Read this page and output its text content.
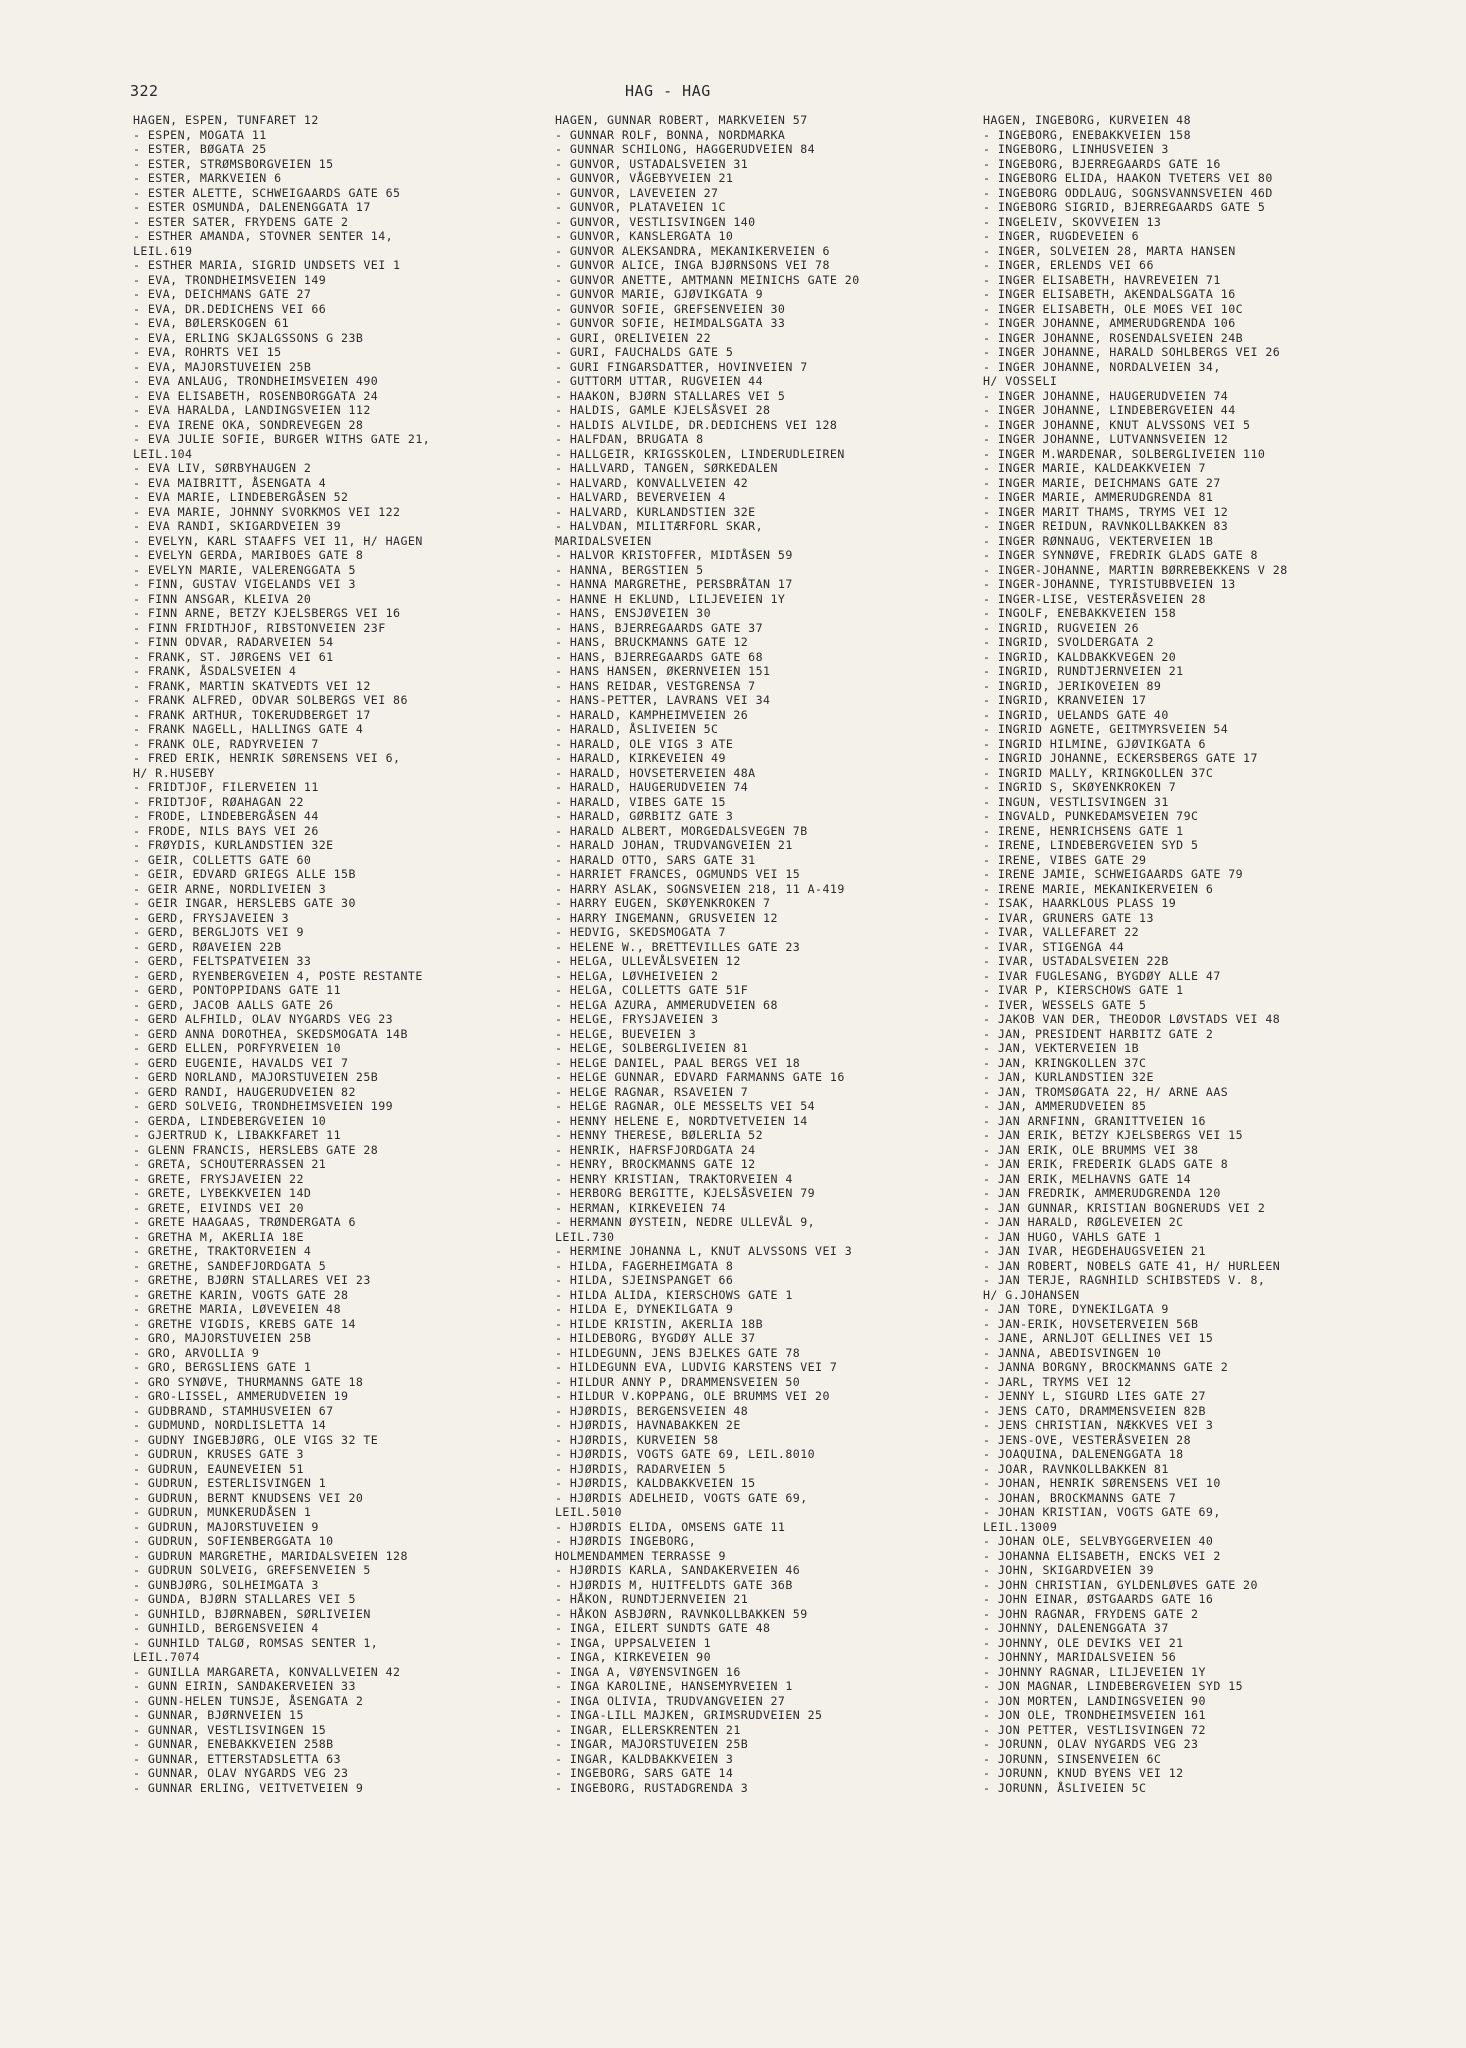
322	HAG - HAG
HAGEN, ESPEN, TUNFARET 12
- ESPEN, MOGATA 11
- ESTER, BØGATA 25
- ESTER, STRØMSBORGVEIEN 15
- ESTER, MARKVEIEN 6
- ESTER ALETTE, SCHWEIGAARDS GATE 65
- ESTER OSMUNDA, DALENENGGATA 17
- ESTER SATER, FRYDENS GATE 2
- ESTHER AMANDA, STOVNER SENTER 14,
LEIL.619
- ESTHER MARIA, SIGRID UNDSETS VEI 1
- EVA, TRONDHEIMSVEIEN 149
- EVA, DEICHMANS GATE 27
- EVA, DR.DEDICHENS VEI 66
- EVA, BØLERSKOGEN 61
- EVA, ERLING SKJALGSSONS G 23B
- EVA, ROHRTS VEI 15
- EVA, MAJORSTUVEIEN 25B
- EVA ANLAUG, TRONDHEIMSVEIEN 490
- EVA ELISABETH, ROSENBORGGATA 24
- EVA HARALDA, LANDINGSVEIEN 112
- EVA IRENE OKA, SONDREVEGEN 28
- EVA JULIE SOFIE, BURGER WITHS GATE 21,
LEIL.104
- EVA LIV, SØRBYHAUGEN 2
- EVA MAIBRITT, ÅSENGATA 4
- EVA MARIE, LINDEBERGÅSEN 52
- EVA MARIE, JOHNNY SVORKMOS VEI 122
- EVA RANDI, SKIGARDVEIEN 39
- EVELYN, KARL STAAFFS VEI 11, H/ HAGEN
- EVELYN GERDA, MARIBOES GATE 8
- EVELYN MARIE, VALERENGGATA 5
- FINN, GUSTAV VIGELANDS VEI 3
- FINN ANSGAR, KLEIVA 20
- FINN ARNE, BETZY KJELSBERGS VEI 16
- FINN FRIDTHJOF, RIBSTONVEIEN 23F
- FINN ODVAR, RADARVEIEN 54
- FRANK, ST. JØRGENS VEI 61
- FRANK, ÅSDALSVEIEN 4
- FRANK, MARTIN SKATVEDTS VEI 12
- FRANK ALFRED, ODVAR SOLBERGS VEI 86
- FRANK ARTHUR, TOKERUDBERGET 17
- FRANK NAGELL, HALLINGS GATE 4
- FRANK OLE, RADYRVEIEN 7
- FRED ERIK, HENRIK SØRENSENS VEI 6,
H/ R.HUSEBY
- FRIDTJOF, FILERVEIEN 11
- FRIDTJOF, RØAHAGAN 22
- FRODE, LINDEBERGÅSEN 44
- FRODE, NILS BAYS VEI 26
- FRØYDIS, KURLANDSTIEN 32E
- GEIR, COLLETTS GATE 60
- GEIR, EDVARD GRIEGS ALLE 15B
- GEIR ARNE, NORDLIVEIEN 3
- GEIR INGAR, HERSLEBS GATE 30
- GERD, FRYSJAVEIEN 3
- GERD, BERGLJOTS VEI 9
- GERD, RØAVEIEN 22B
- GERD, FELTSPATVEIEN 33
- GERD, RYENBERGVEIEN 4, POSTE RESTANTE
- GERD, PONTOPPIDANS GATE 11
- GERD, JACOB AALLS GATE 26
- GERD ALFHILD, OLAV NYGARDS VEG 23
- GERD ANNA DOROTHEA, SKEDSMOGATA 14B
- GERD ELLEN, PORFYRVEIEN 10
- GERD EUGENIE, HAVALDS VEI 7
- GERD NORLAND, MAJORSTUVEIEN 25B
- GERD RANDI, HAUGERUDVEIEN 82
- GERD SOLVEIG, TRONDHEIMSVEIEN 199
- GERDA, LINDEBERGVEIEN 10
- GJERTRUD K, LIBAKKFARET 11
- GLENN FRANCIS, HERSLEBS GATE 28
- GRETA, SCHOUTERRASSEN 21
- GRETE, FRYSJAVEIEN 22
- GRETE, LYBEKKVEIEN 14D
- GRETE, EIVINDS VEI 20
- GRETE HAAGAAS, TRØNDERGATA 6
- GRETHA M, AKERLIA 18E
- GRETHE, TRAKTORVEIEN 4
- GRETHE, SANDEFJORDGATA 5
- GRETHE, BJØRN STALLARES VEI 23
- GRETHE KARIN, VOGTS GATE 28
- GRETHE MARIA, LØVEVEIEN 48
- GRETHE VIGDIS, KREBS GATE 14
- GRO, MAJORSTUVEIEN 25B
- GRO, ARVOLLIA 9
- GRO, BERGSLIENS GATE 1
- GRO SYNØVE, THURMANNS GATE 18
- GRO-LISSEL, AMMERUDVEIEN 19
- GUDBRAND, STAMHUSVEIEN 67
- GUDMUND, NORDLISLETTA 14
- GUDNY INGEBJØRG, OLE VIGS 32 TE
- GUDRUN, KRUSES GATE 3
- GUDRUN, EAUNEVEIEN 51
- GUDRUN, ESTERLISVINGEN 1
- GUDRUN, BERNT KNUDSENS VEI 20
- GUDRUN, MUNKERUDÅSEN 1
- GUDRUN, MAJORSTUVEIEN 9
- GUDRUN, SOFIENBERGGATA 10
- GUDRUN MARGRETHE, MARIDALSVEIEN 128
- GUDRUN SOLVEIG, GREFSENVEIEN 5
- GUNBJØRG, SOLHEIMGATA 3
- GUNDA, BJØRN STALLARES VEI 5
- GUNHILD, BJØRNABEN, SØRLIVEIEN
- GUNHILD, BERGENSVEIEN 4
- GUNHILD TALGØ, ROMSAS SENTER 1,
LEIL.7074
- GUNILLA MARGARETA, KONVALLVEIEN 42
- GUNN EIRIN, SANDAKERVEIEN 33
- GUNN-HELEN TUNSJE, ÅSENGATA 2
- GUNNAR, BJØRNVEIEN 15
- GUNNAR, VESTLISVINGEN 15
- GUNNAR, ENEBAKKVEIEN 258B
- GUNNAR, ETTERSTADSLETTA 63
- GUNNAR, OLAV NYGARDS VEG 23
- GUNNAR ERLING, VEITVETVEIEN 9
HAGEN, GUNNAR ROBERT, MARKVEIEN 57
- GUNNAR ROLF, BONNA, NORDMARKA
- GUNNAR SCHILONG, HAGGERUDVEIEN 84
- GUNVOR, USTADALSVEIEN 31
- GUNVOR, VÅGEBYVEIEN 21
- GUNVOR, LAVEVEIEN 27
- GUNVOR, PLATAVEIEN 1C
- GUNVOR, VESTLISVINGEN 140
- GUNVOR, KANSLERGATA 10
- GUNVOR ALEKSANDRA, MEKANIKERVEIEN 6
- GUNVOR ALICE, INGA BJØRNSONS VEI 78
- GUNVOR ANETTE, AMTMANN MEINICHS GATE 20
- GUNVOR MARIE, GJØVIKGATA 9
- GUNVOR SOFIE, GREFSENVEIEN 30
- GUNVOR SOFIE, HEIMDALSGATA 33
- GURI, ORELIVEIEN 22
- GURI, FAUCHALDS GATE 5
- GURI FINGARSDATTER, HOVINVEIEN 7
- GUTTORM UTTAR, RUGVEIEN 44
- HAAKON, BJØRN STALLARES VEI 5
- HALDIS, GAMLE KJELSÅSVEI 28
- HALDIS ALVILDE, DR.DEDICHENS VEI 128
- HALFDAN, BRUGATA 8
- HALLGEIR, KRIGSSKOLEN, LINDERUDLEIREN
- HALLVARD, TANGEN, SØRKEDALEN
- HALVARD, KONVALLVEIEN 42
- HALVARD, BEVERVEIEN 4
- HALVARD, KURLANDSTIEN 32E
- HALVDAN, MILITÆRFORL SKAR,
MARIDALSVEIEN
- HALVOR KRISTOFFER, MIDTÅSEN 59
- HANNA, BERGSTIEN 5
- HANNA MARGRETHE, PERSBRÅTAN 17
- HANNE H EKLUND, LILJEVEIEN 1Y
- HANS, ENSJØVEIEN 30
- HANS, BJERREGAARDS GATE 37
- HANS, BRUCKMANNS GATE 12
- HANS, BJERREGAARDS GATE 68
- HANS HANSEN, ØKERNVEIEN 151
- HANS REIDAR, VESTGRENSA 7
- HANS-PETTER, LAVRANS VEI 34
- HARALD, KAMPHEIMVEIEN 26
- HARALD, ÅSLIVEIEN 5C
- HARALD, OLE VIGS 3 ATE
- HARALD, KIRKEVEIEN 49
- HARALD, HOVSETERVEIEN 48A
- HARALD, HAUGERUDVEIEN 74
- HARALD, VIBES GATE 15
- HARALD, GØRBITZ GATE 3
- HARALD ALBERT, MORGEDALSVEGEN 7B
- HARALD JOHAN, TRUDVANGVEIEN 21
- HARALD OTTO, SARS GATE 31
- HARRIET FRANCES, OGMUNDS VEI 15
- HARRY ASLAK, SOGNSVEIEN 218, 11 A-419
- HARRY EUGEN, SKØYENKROKEN 7
- HARRY INGEMANN, GRUSVEIEN 12
- HEDVIG, SKEDSMOGATA 7
- HELENE W., BRETTEVILLES GATE 23
- HELGA, ULLEVÅLSVEIEN 12
- HELGA, LØVHEIVEIEN 2
- HELGA, COLLETTS GATE 51F
- HELGA AZURA, AMMERUDVEIEN 68
- HELGE, FRYSJAVEIEN 3
- HELGE, BUEVEIEN 3
- HELGE, SOLBERGLIVEIEN 81
- HELGE DANIEL, PAAL BERGS VEI 18
- HELGE GUNNAR, EDVARD FARMANNS GATE 16
- HELGE RAGNAR, RSAVEIEN 7
- HELGE RAGNAR, OLE MESSELTS VEI 54
- HENNY HELENE E, NORDTVETVEIEN 14
- HENNY THERESE, BØLERLIA 52
- HENRIK, HAFRSFJORDGATA 24
- HENRY, BROCKMANNS GATE 12
- HENRY KRISTIAN, TRAKTORVEIEN 4
- HERBORG BERGITTE, KJELSÅSVEIEN 79
- HERMAN, KIRKEVEIEN 74
- HERMANN ØYSTEIN, NEDRE ULLEVÅL 9,
LEIL.730
- HERMINE JOHANNA L, KNUT ALVSSONS VEI 3
- HILDA, FAGERHEIMGATA 8
- HILDA, SJEINSPANGET 66
- HILDA ALIDA, KIERSCHOWS GATE 1
- HILDA E, DYNEKILGATA 9
- HILDE KRISTIN, AKERLIA 18B
- HILDEBORG, BYGDØY ALLE 37
- HILDEGUNN, JENS BJELKES GATE 78
- HILDEGUNN EVA, LUDVIG KARSTENS VEI 7
- HILDUR ANNY P, DRAMMENSVEIEN 50
- HILDUR V.KOPPANG, OLE BRUMMS VEI 20
- HJØRDIS, BERGENSVEIEN 48
- HJØRDIS, HAVNABAKKEN 2E
- HJØRDIS, KURVEIEN 58
- HJØRDIS, VOGTS GATE 69, LEIL.8010
- HJØRDIS, RADARVEIEN 5
- HJØRDIS, KALDBAKKVEIEN 15
- HJØRDIS ADELHEID, VOGTS GATE 69,
LEIL.5010
- HJØRDIS ELIDA, OMSENS GATE 11
- HJØRDIS INGEBORG,
HOLMENDAMMEN TERRASSE 9
- HJØRDIS KARLA, SANDAKERVEIEN 46
- HJØRDIS M, HUITFELDTS GATE 36B
- HÅKON, RUNDTJERNVEIEN 21
- HÅKON ASBJØRN, RAVNKOLLBAKKEN 59
- INGA, EILERT SUNDTS GATE 48
- INGA, UPPSALVEIEN 1
- INGA, KIRKEVEIEN 90
- INGA A, VØYENSVINGEN 16
- INGA KAROLINE, HANSEMYRVEIEN 1
- INGA OLIVIA, TRUDVANGVEIEN 27
- INGA-LILL MAJKEN, GRIMSRUDVEIEN 25
- INGAR, ELLERSKRENTEN 21
- INGAR, MAJORSTUVEIEN 25B
- INGAR, KALDBAKKVEIEN 3
- INGEBORG, SARS GATE 14
- INGEBORG, RUSTADGRENDA 3
HAGEN, INGEBORG, KURVEIEN 48
- INGEBORG, ENEBAKKVEIEN 158
- INGEBORG, LINHUSVEIEN 3
- INGEBORG, BJERREGAARDS GATE 16
- INGEBORG ELIDA, HAAKON TVETERS VEI 80
- INGEBORG ODDLAUG, SOGNSVANNSVEIEN 46D
- INGEBORG SIGRID, BJERREGAARDS GATE 5
- INGELEIV, SKOVVEIEN 13
- INGER, RUGDEVEIEN 6
- INGER, SOLVEIEN 28, MARTA HANSEN
- INGER, ERLENDS VEI 66
- INGER ELISABETH, HAVREVEIEN 71
- INGER ELISABETH, AKENDALSGATA 16
- INGER ELISABETH, OLE MOES VEI 10C
- INGER JOHANNE, AMMERUDGRENDA 106
- INGER JOHANNE, ROSENDALSVEIEN 24B
- INGER JOHANNE, HARALD SOHLBERGS VEI 26
- INGER JOHANNE, NORDALVEIEN 34,
H/ VOSSELI
- INGER JOHANNE, HAUGERUDVEIEN 74
- INGER JOHANNE, LINDEBERGVEIEN 44
- INGER JOHANNE, KNUT ALVSSONS VEI 5
- INGER JOHANNE, LUTVANNSVEIEN 12
- INGER M.WARDENAR, SOLBERGLIVEIEN 110
- INGER MARIE, KALDEAKKVEIEN 7
- INGER MARIE, DEICHMANS GATE 27
- INGER MARIE, AMMERUDGRENDA 81
- INGER MARIT THAMS, TRYMS VEI 12
- INGER REIDUN, RAVNKOLLBAKKEN 83
- INGER RØNNAUG, VEKTERVEIEN 1B
- INGER SYNNØVE, FREDRIK GLADS GATE 8
- INGER-JOHANNE, MARTIN BØRREBEKKENS V 28
- INGER-JOHANNE, TYRISTUBBVEIEN 13
- INGER-LISE, VESTERÅSVEIEN 28
- INGOLF, ENEBAKKVEIEN 158
- INGRID, RUGVEIEN 26
- INGRID, SVOLDERGATA 2
- INGRID, KALDBAKKVEGEN 20
- INGRID, RUNDTJERNVEIEN 21
- INGRID, JERIKOVEIEN 89
- INGRID, KRANVEIEN 17
- INGRID, UELANDS GATE 40
- INGRID AGNETE, GEITMYRSVEIEN 54
- INGRID HILMINE, GJØVIKGATA 6
- INGRID JOHANNE, ECKERSBERGS GATE 17
- INGRID MALLY, KRINGKOLLEN 37C
- INGRID S, SKØYENKROKEN 7
- INGUN, VESTLISVINGEN 31
- INGVALD, PUNKEDAMSVEIEN 79C
- IRENE, HENRICHSENS GATE 1
- IRENE, LINDEBERGVEIEN SYD 5
- IRENE, VIBES GATE 29
- IRENE JAMIE, SCHWEIGAARDS GATE 79
- IRENE MARIE, MEKANIKERVEIEN 6
- ISAK, HAARKLOUS PLASS 19
- IVAR, GRUNERS GATE 13
- IVAR, VALLEFARET 22
- IVAR, STIGENGA 44
- IVAR, USTADALSVEIEN 22B
- IVAR FUGLESANG, BYGDØY ALLE 47
- IVAR P, KIERSCHOWS GATE 1
- IVER, WESSELS GATE 5
- JAKOB VAN DER, THEODOR LØVSTADS VEI 48
- JAN, PRESIDENT HARBITZ GATE 2
- JAN, VEKTERVEIEN 1B
- JAN, KRINGKOLLEN 37C
- JAN, KURLANDSTIEN 32E
- JAN, TROMSØGATA 22, H/ ARNE AAS
- JAN, AMMERUDVEIEN 85
- JAN ARNFINN, GRANITTVEIEN 16
- JAN ERIK, BETZY KJELSBERGS VEI 15
- JAN ERIK, OLE BRUMMS VEI 38
- JAN ERIK, FREDERIK GLADS GATE 8
- JAN ERIK, MELHAVNS GATE 14
- JAN FREDRIK, AMMERUDGRENDA 120
- JAN GUNNAR, KRISTIAN BOGNERUDS VEI 2
- JAN HARALD, RØGLEVEIEN 2C
- JAN HUGO, VAHLS GATE 1
- JAN IVAR, HEGDEHAUGSVEIEN 21
- JAN ROBERT, NOBELS GATE 41, H/ HURLEEN
- JAN TERJE, RAGNHILD SCHIBSTEDS V. 8,
H/ G.JOHANSEN
- JAN TORE, DYNEKILGATA 9
- JAN-ERIK, HOVSETERVEIEN 56B
- JANE, ARNLJOT GELLINES VEI 15
- JANNA, ABEDISVINGEN 10
- JANNA BORGNY, BROCKMANNS GATE 2
- JARL, TRYMS VEI 12
- JENNY L, SIGURD LIES GATE 27
- JENS CATO, DRAMMENSVEIEN 82B
- JENS CHRISTIAN, NÆKKVES VEI 3
- JENS-OVE, VESTERÅSVEIEN 28
- JOAQUINA, DALENENGGATA 18
- JOAR, RAVNKOLLBAKKEN 81
- JOHAN, HENRIK SØRENSENS VEI 10
- JOHAN, BROCKMANNS GATE 7
- JOHAN KRISTIAN, VOGTS GATE 69,
LEIL.13009
- JOHAN OLE, SELVBYGGERVEIEN 40
- JOHANNA ELISABETH, ENCKS VEI 2
- JOHN, SKIGARDVEIEN 39
- JOHN CHRISTIAN, GYLDENLØVES GATE 20
- JOHN EINAR, ØSTGAARDS GATE 16
- JOHN RAGNAR, FRYDENS GATE 2
- JOHNNY, DALENENGGATA 37
- JOHNNY, OLE DEVIKS VEI 21
- JOHNNY, MARIDALSVEIEN 56
- JOHNNY RAGNAR, LILJEVEIEN 1Y
- JON MAGNAR, LINDEBERGVEIEN SYD 15
- JON MORTEN, LANDINGSVEIEN 90
- JON OLE, TRONDHEIMSVEIEN 161
- JON PETTER, VESTLISVINGEN 72
- JORUNN, OLAV NYGARDS VEG 23
- JORUNN, SINSENVEIEN 6C
- JORUNN, KNUD BYENS VEI 12
- JORUNN, ÅSLIVEIEN 5C
